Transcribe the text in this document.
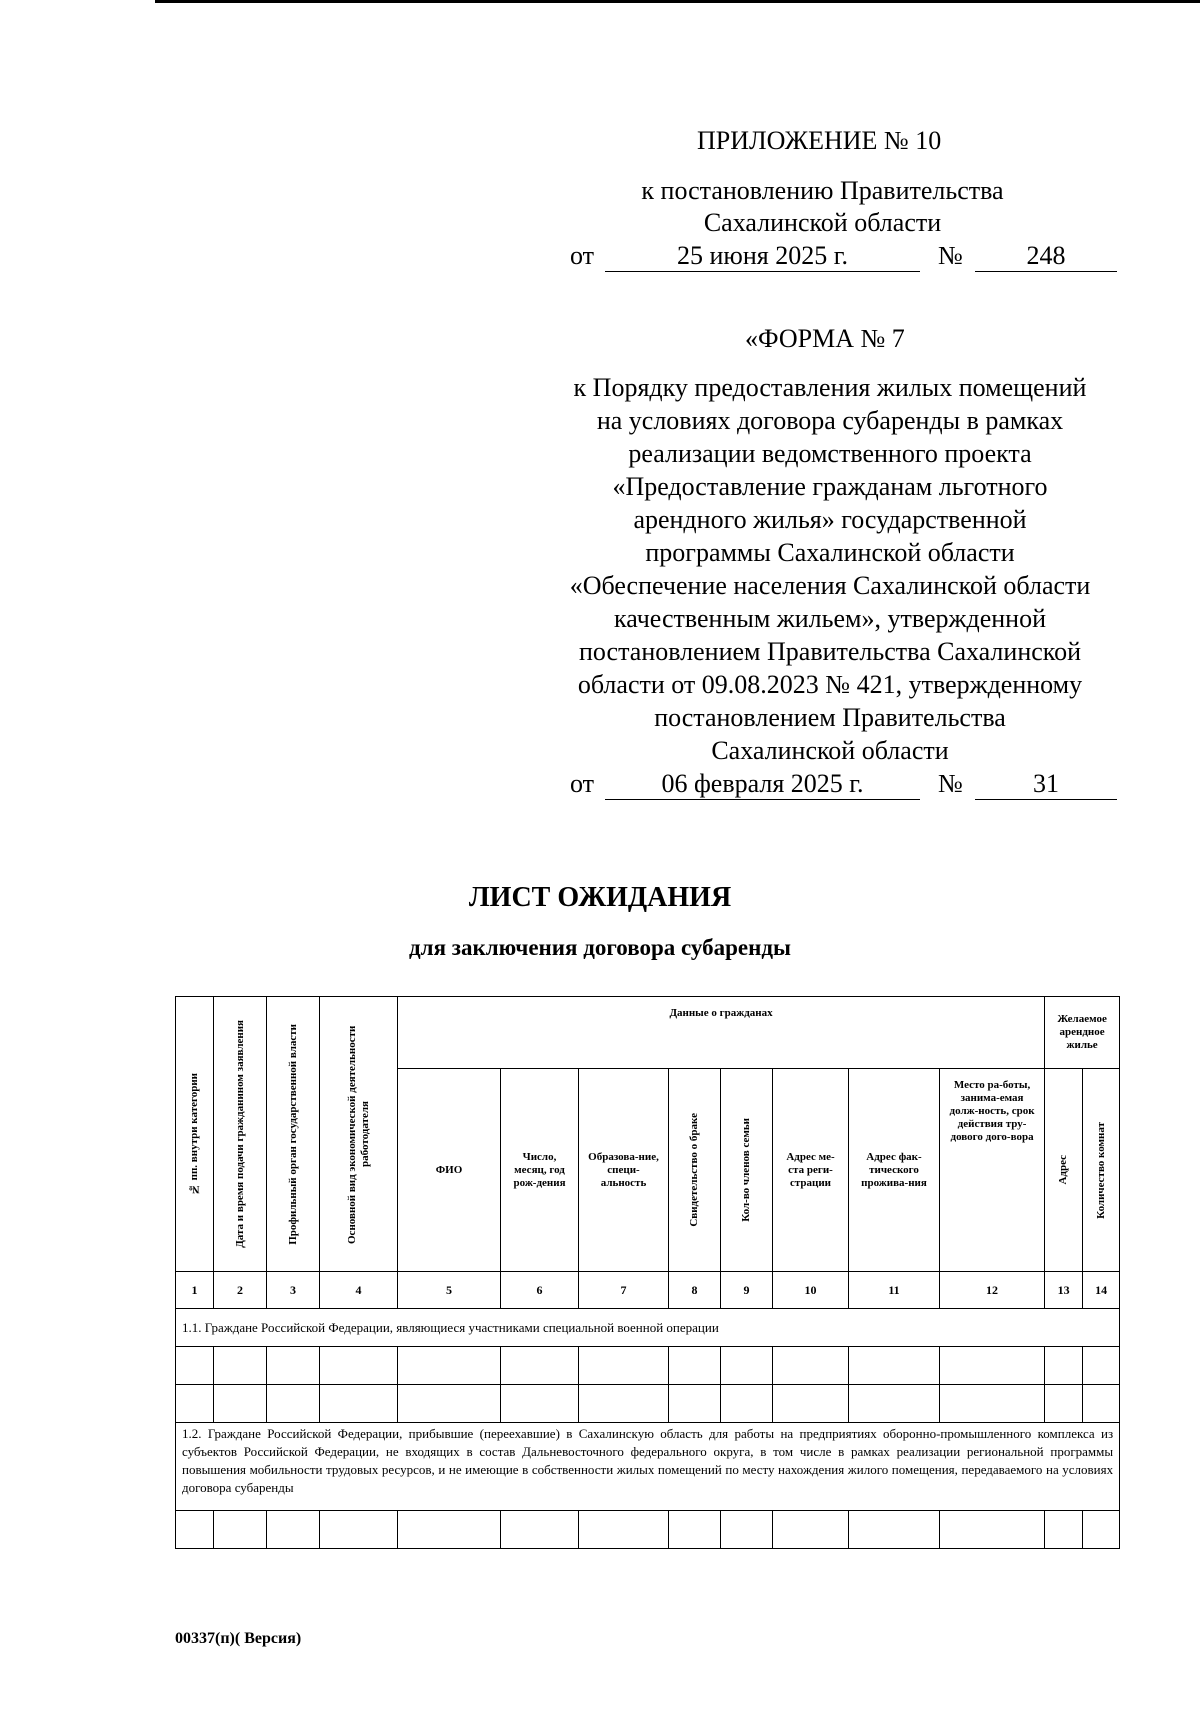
ПРИЛОЖЕНИЕ № 10
к постановлению Правительства
Сахалинской области
от	25 июня 2025 г.	№	248
«ФОРМА № 7
к Порядку предоставления жилых помещений
на условиях договора субаренды в рамках
реализации ведомственного проекта
«Предоставление гражданам льготного
арендного жилья» государственной
программы Сахалинской области
«Обеспечение населения Сахалинской области
качественным жильем», утвержденной
постановлением Правительства Сахалинской
области от 09.08.2023 № 421, утвержденному
постановлением Правительства
Сахалинской области
от	06 февраля 2025 г.	№	31
ЛИСТ ОЖИДАНИЯ
для заключения договора субаренды
№ пп. внутри категории	Дата и время подачи гражданином заявления	Профильный орган государственной власти	Основной вид экономической деятельности работодателя	Данные о гражданах								Желаемое арендное жилье	
				ФИО	Число, месяц, год рож-дения	Образова-ние, специ-альность	Свидетельство о браке	Кол-во членов семьи	Адрес ме-ста реги-страции	Адрес фак-тического прожива-ния	Место ра-боты, занима-емая долж-ность, срок действия тру-дового дого-вора	Адрес	Количество комнат

1	2	3	4	5	6	7	8	9	10	11	12	13	14
1.1. Граждане Российской Федерации, являющиеся участниками специальной военной операции													

1.2. Граждане Российской Федерации, прибывшие (переехавшие) в Сахалинскую область для работы на предприятиях оборонно-промышленного комплекса из субъектов Российской Федерации, не входящих в состав Дальневосточного федерального округа, в том числе в рамках реализации региональной программы повышения мобильности трудовых ресурсов, и не имеющие в собственности жилых помещений по месту нахождения жилого помещения, передаваемого на условиях договора субаренды													

00337(п)( Версия)
